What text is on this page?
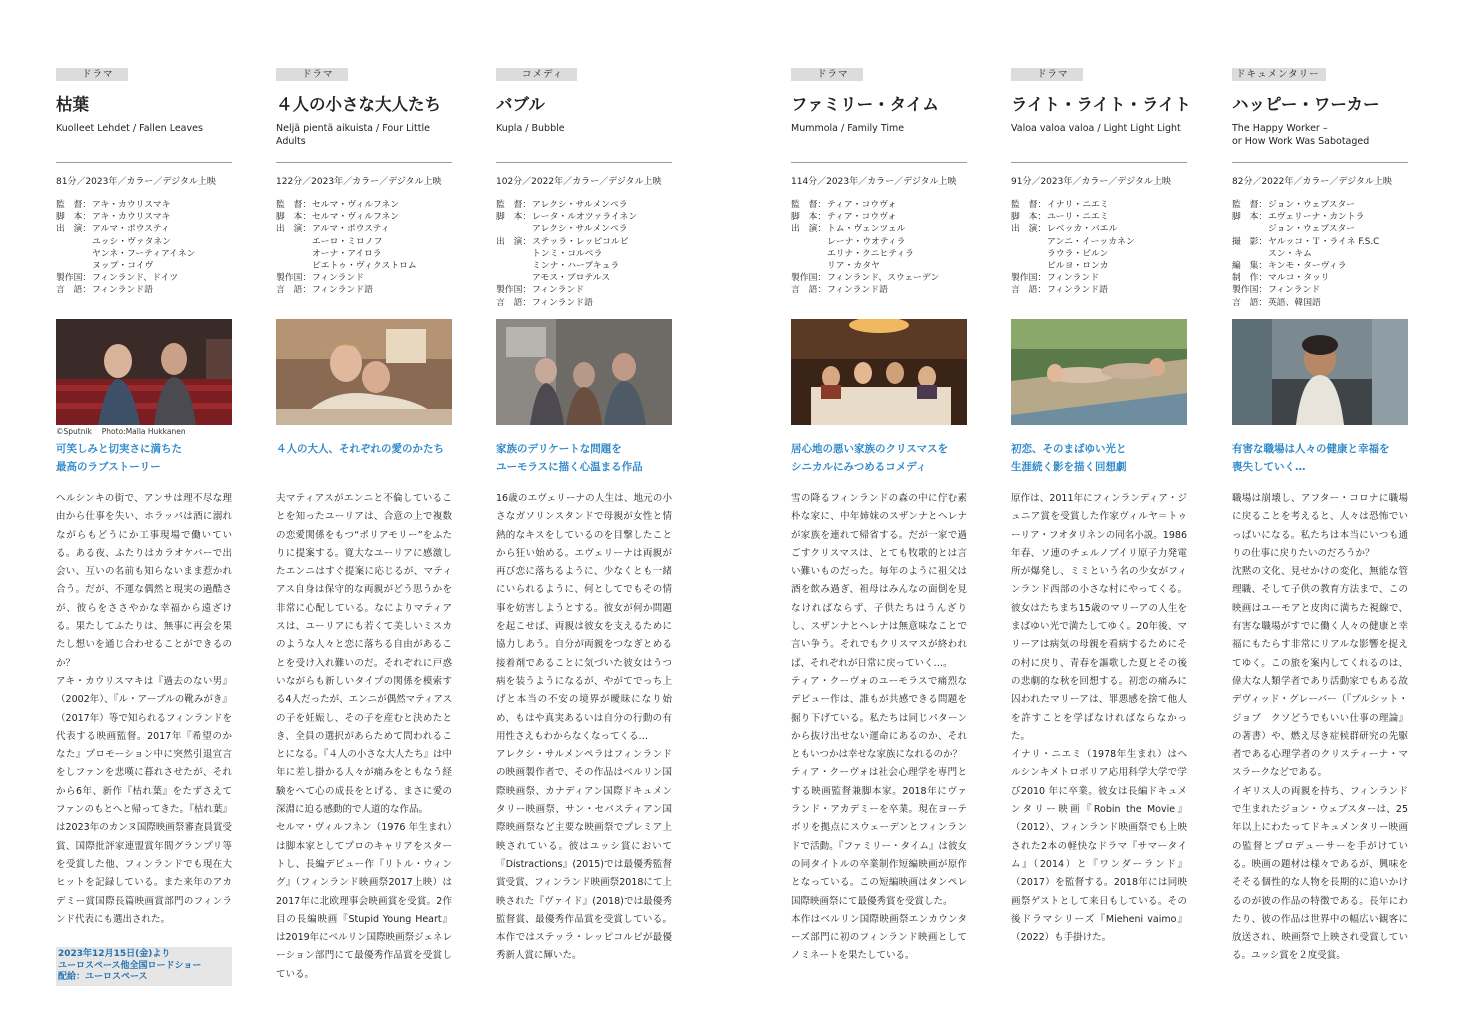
ドラマ
枯葉
Kuolleet Lehdet / Fallen Leaves
81分／2023年／カラー／デジタル上映
監　督： アキ・カウリスマキ
脚　本： アキ・カウリスマキ
出　演： アルマ・ポウスティ
ユッシ・ヴァタネン
ヤンネ・フーティアイネン
ヌップ・コイヴ
製作国： フィンランド、ドイツ
言　語： フィンランド語
©Sputnik　 Photo:Malla Hukkanen
可笑しみと切実さに満ちた
最高のラブストーリー

ヘルシンキの街で、アンサは理不尽な理由から仕事を失い、ホラッパは酒に溺れながらもどうにか工事現場で働いている。ある夜、ふたりはカラオケバーで出会い、互いの名前も知らないまま惹かれ合う。だが、不運な偶然と現実の過酷さが、彼らをささやかな幸福から遠ざける。果たしてふたりは、無事に再会を果たし想いを通じ合わせることができるのか？

アキ・カウリスマキは『過去のない男』（2002年）、『ル・アーブルの靴みがき』（2017年）等で知られるフィンランドを代表する映画監督。2017年『希望のかなた』プロモーション中に突然引退宣言をしファンを悲嘆に暮れさせたが、それから6年、新作『枯れ葉』をたずさえてファンのもとへと帰ってきた。『枯れ葉』は2023年のカンヌ国際映画祭審査員賞受賞、国際批評家連盟賞年間グランプリ等を受賞した他、フィンランドでも現在大ヒットを記録している。また来年のアカデミー賞国際長篇映画賞部門のフィンランド代表にも選出された。

2023年12月15日(金)より
ユーロスペース他全国ロードショー
配給：ユーロスペース
ドラマ
４人の小さな大人たち
Neljä pientä aikuista / Four Little Adults
122分／2023年／カラー／デジタル上映
監　督： セルマ・ヴィルフネン
脚　本： セルマ・ヴィルフネン
出　演： アルマ・ポウスティ
エーロ・ミロノフ
オーナ・アイロラ
ピエトゥ・ヴィクストロム
製作国： フィンランド
言　語： フィンランド語
４人の大人、それぞれの愛のかたち

夫マティアスがエンニと不倫していることを知ったユーリアは、合意の上で複数の恋愛関係をもつ“ポリアモリー”をふたりに提案する。寛大なユーリアに感激したエンニはすぐ提案に応じるが、マティアス自身は保守的な両親がどう思うかを非常に心配している。なによりマティアスは、ユーリアにも若くて美しいミスカのような人々と恋に落ちる自由があることを受け入れ難いのだ。それぞれに戸惑いながらも新しいタイプの関係を模索する4人だったが、エンニが偶然マティアスの子を妊娠し、その子を産むと決めたとき、全員の選択があらためて問われることになる。『４人の小さな大人たち』は中年に差し掛かる人々が痛みをともなう経験をへて心の成長をとげる、まさに愛の深淵に迫る感動的で人道的な作品。

セルマ・ヴィルフネン（1976 年生まれ）は脚本家としてプロのキャリアをスタートし、長編デビュー作『リトル・ウィング』（フィンランド映画祭2017上映）は2017年に北欧理事会映画賞を受賞。2作目の長編映画『Stupid Young Heart』は2019年にベルリン国際映画祭ジェネレーション部門にて最優秀作品賞を受賞している。

コメディ
バブル
Kupla / Bubble
102分／2022年／カラー／デジタル上映
監　督： アレクシ・サルメンペラ
脚　本： レータ・ルオツァライネン
アレクシ・サルメンペラ
出　演： ステッラ・レッピコルピ
トンミ・コルペラ
ミンナ・ハープキュラ
アモス・ブロテルス
製作国： フィンランド
言　語： フィンランド語
家族のデリケートな問題を
ユーモラスに描く心温まる作品

16歳のエヴェリーナの人生は、地元の小さなガソリンスタンドで母親が女性と情熱的なキスをしているのを目撃したことから狂い始める。エヴェリーナは両親が再び恋に落ちるように、少なくとも一緒にいられるように、何としてでもその情事を妨害しようとする。彼女が何か問題を起こせば、両親は彼女を支えるために協力しあう。自分が両親をつなぎとめる接着剤であることに気づいた彼女はうつ病を装うようになるが、やがてでっち上げと本当の不安の境界が曖昧になり始め、もはや真実あるいは自分の行動の有用性さえもわからなくなってくる…

アレクシ・サルメンペラはフィンランドの映画製作者で、その作品はベルリン国際映画祭、カナディアン国際ドキュメンタリー映画祭、サン・セバスティアン国際映画祭など主要な映画祭でプレミア上映されている。彼はユッシ賞において『Distractions』(2015)では最優秀監督賞受賞、フィンランド映画祭2018にて上映された『ヴァイド』(2018)では最優秀監督賞、最優秀作品賞を受賞している。本作ではステッラ・レッピコルピが最優秀新人賞に輝いた。

ドラマ
ファミリー・タイム
Mummola / Family Time
114分／2023年／カラー／デジタル上映
監　督： ティア・コウヴォ
脚　本： ティア・コウヴォ
出　演： トム・ヴェンツェル
レーナ・ウオティラ
エリナ・クニヒティラ
リア・カタヤ
製作国： フィンランド、スウェーデン
言　語： フィンランド語
居心地の悪い家族のクリスマスを
シニカルにみつめるコメディ

雪の降るフィンランドの森の中に佇む素朴な家に、中年姉妹のスザンナとヘレナが家族を連れて帰省する。だが一家で過ごすクリスマスは、とても牧歌的とは言い難いものだった。毎年のように祖父は酒を飲み過ぎ、祖母はみんなの面倒を見なければならず、子供たちはうんざりし、スザンナとヘレナは無意味なことで言い争う。それでもクリスマスが終われば、それぞれが日常に戻っていく…。

ティア・クーヴォのユーモラスで痛烈なデビュー作は、誰もが共感できる問題を掘り下げている。私たちは同じパターンから抜け出せない運命にあるのか、それともいつかは幸せな家族になれるのか？

ティア・クーヴォは社会心理学を専門とする映画監督兼脚本家。2018年にヴァランド・アカデミーを卒業。現在ヨーテボリを拠点にスウェーデンとフィンランドで活動。『ファミリー・タイム』は彼女の同タイトルの卒業制作短編映画が原作となっている。この短編映画はタンペレ国際映画祭にて最優秀賞を受賞した。

本作はベルリン国際映画祭エンカウンターズ部門に初のフィンランド映画としてノミネートを果たしている。

ドラマ
ライト・ライト・ライト
Valoa valoa valoa / Light Light Light
91分／2023年／カラー／デジタル上映
監　督： イナリ・ニエミ
脚　本： ユーリ・ニエミ
出　演： レベッカ・バエル
アンニ・イーッカネン
ラウラ・ビルン
ピルヨ・ロンカ
製作国： フィンランド
言　語： フィンランド語
初恋、そのまばゆい光と
生涯続く影を描く回想劇

原作は、2011年にフィンランディア・ジュニア賞を受賞した作家ヴィルヤ＝トゥーリア・フオタリネンの同名小説。1986年春、ソ連のチェルノブイリ原子力発電所が爆発し、ミミという名の少女がフィンランド西部の小さな村にやってくる。彼女はたちまち15歳のマリーアの人生をまばゆい光で満たしてゆく。20年後、マリーアは病気の母親を看病するためにその村に戻り、青春を謳歌した夏とその後の悲劇的な秋を回想する。初恋の痛みに囚われたマリーアは、罪悪感を捨て他人を許すことを学ばなければならなかった。

イナリ・ニエミ（1978年生まれ）はヘルシンキメトロポリア応用科学大学で学び2010 年に卒業。彼女は長編ドキュメンタリー映画『Robin the Movie』（2012）、フィンランド映画祭でも上映された2本の軽快なドラマ『サマータイム』（2014）と『ワンダーランド』（2017）を監督する。2018年には同映画祭ゲストとして来日もしている。その後ドラマシリーズ『Mieheni vaimo』（2022）も手掛けた。

ドキュメンタリー
ハッピー・ワーカー
The Happy Worker –
or How Work Was Sabotaged
82分／2022年／カラー／デジタル上映
監　督： ジョン・ウェブスター
脚　本： エヴェリーナ・カントラ
ジョン・ウェブスター
撮　影： ヤルッコ・Ｔ・ライネ F.S.C
スン・キム
編　集： キンモ・ターヴィラ
制　作： マルコ・タッリ
製作国： フィンランド
言　語： 英語、韓国語
有害な職場は人々の健康と幸福を
喪失していく…

職場は崩壊し、アフター・コロナに職場に戻ることを考えると、人々は恐怖でいっぱいになる。私たちは本当にいつも通りの仕事に戻りたいのだろうか？

沈黙の文化、見せかけの変化、無能な管理職、そして子供の教育方法まで、この映画はユーモアと皮肉に満ちた視線で、有害な職場がすでに働く人々の健康と幸福にもたらす非常にリアルな影響を捉えてゆく。この旅を案内してくれるのは、偉大な人類学者であり活動家でもある故デヴィッド・グレーバー（『ブルシット・ジョブ　クソどうでもいい仕事の理論』の著書）や、燃え尽き症候群研究の先駆者である心理学者のクリスティーナ・マスラークなどである。

イギリス人の両親を持ち、フィンランドで生まれたジョン・ウェブスターは、25年以上にわたってドキュメンタリー映画の監督とプロデューサーを手がけている。映画の題材は様々であるが、興味をそそる個性的な人物を長期的に追いかけるのが彼の作品の特徴である。長年にわたり、彼の作品は世界中の幅広い観客に放送され、映画祭で上映され受賞している。ユッシ賞を２度受賞。
